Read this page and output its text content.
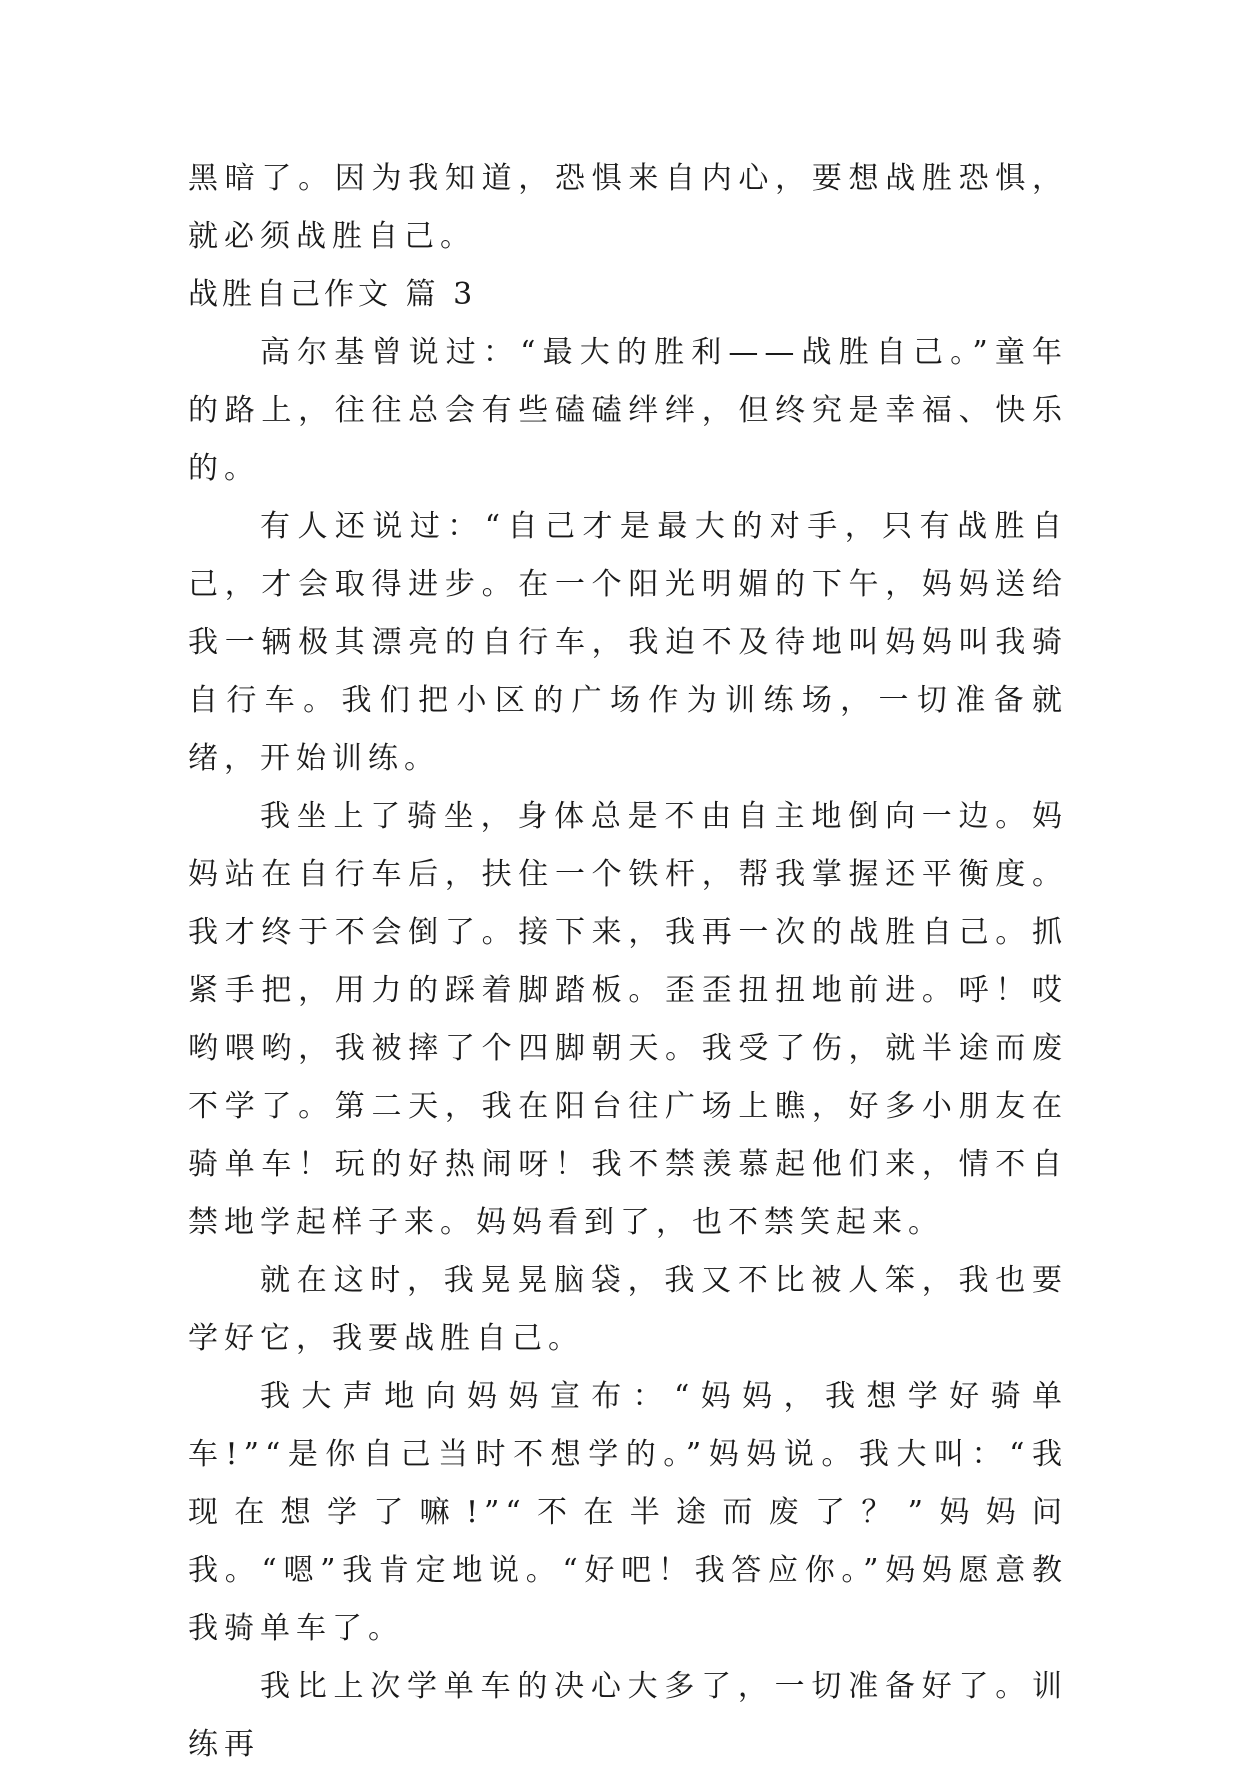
黑暗了。因为我知道，恐惧来自内心，要想战胜恐惧，就必须战胜自己。

战胜自己作文 篇 3

高尔基曾说过：“最大的胜利——战胜自己。”童年的路上，往往总会有些磕磕绊绊，但终究是幸福、快乐的。

有人还说过：“自己才是最大的对手，只有战胜自己，才会取得进步。在一个阳光明媚的下午，妈妈送给我一辆极其漂亮的自行车，我迫不及待地叫妈妈叫我骑自行车。我们把小区的广场作为训练场，一切准备就绪，开始训练。

我坐上了骑坐，身体总是不由自主地倒向一边。妈妈站在自行车后，扶住一个铁杆，帮我掌握还平衡度。我才终于不会倒了。接下来，我再一次的战胜自己。抓紧手把，用力的踩着脚踏板。歪歪扭扭地前进。呼！哎哟喂哟，我被摔了个四脚朝天。我受了伤，就半途而废不学了。第二天，我在阳台往广场上瞧，好多小朋友在骑单车！玩的好热闹呀！我不禁羡慕起他们来，情不自禁地学起样子来。妈妈看到了，也不禁笑起来。

就在这时，我晃晃脑袋，我又不比被人笨，我也要学好它，我要战胜自己。

我大声地向妈妈宣布：“妈妈，我想学好骑单车!”“是你自己当时不想学的。”妈妈说。我大叫：“我现在想学了嘛!”“不在半途而废了？”妈妈问我。“嗯”我肯定地说。“好吧！我答应你。”妈妈愿意教我骑单车了。

我比上次学单车的决心大多了，一切准备好了。训练再
